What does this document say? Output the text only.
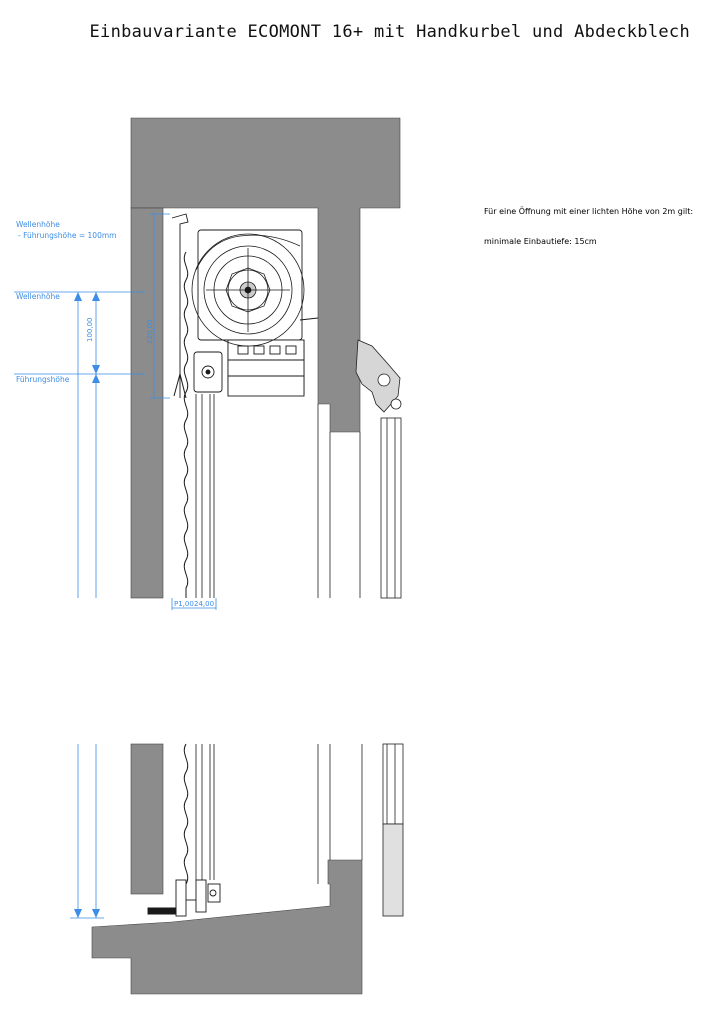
Einbauvariante ECOMONT 16+ mit Handkurbel und Abdeckblech
Für eine Öffnung mit einer lichten Höhe von 2m gilt:
minimale Einbautiefe: 15cm
Wellenhöhe
- Führungshöhe = 100mm
Wellenhöhe
Führungshöhe
100,00	220,00
P1,00 24,00
